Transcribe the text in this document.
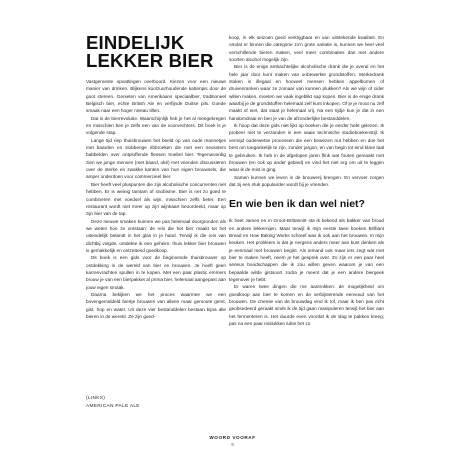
EINDELIJK
LEKKER BIER

Vastgeroeste opvattingen overboord. Kiezen voor een nieuwe manier van drinken. Blijkens koolzuurhoudende kattenpis door de goot stereen. Genieten van Amerikaans speciaalbier, traditioneel Belgisch bier, echte British Ale en verfijnde Duitse pils. Goede smaak naar een hoger niveau tillen.

Dat is de bierrevolutie. Waarschijnlijk heb je het al meegekregen en misschien ben je zelfs een van de voorvechters. Dit boek is je volgende stap.

Lange tijd riep thuisbrouwen het beeld op van oude mannetjes met baarden en slobberige ribbroeken die met een neusstem babbelden over ontploffende flessen troebel bier. Tegenwoordig zien we jonge mensen (met baard, oké) met vrienden discussiëren over de sterke en zwakke kanten van hun eigen brouwsels, die amper onderdoen voor commercieel bier.

Bier heeft veel pluspunten die zijn alcoholische concurrenten niet hebben. Er is weinig tamtam of snobisme. Bier is net zo goed te combineren met voedsel als wijn, misschien zelfs beter. Een restaurant wordt niet meer op zijn wijnkaart beoordeeld, maar op zijn bier van de tap.

Deze nieuwe smaken kunnen we pas helemaal doorgronden als we weten hoe ze ontstaan: de reis die het bier maakt tot het uiteindelijk belandt in het glas in je hand. Terwijl ik die reis van dichtbij volgde, ontdekte ik een geheim: thuis lekker bier brouwen is gemakkelijk en ontzettend goedkoop.

Dit boek is een gids voor de beginnende thuisbrouwer op ontdekking in de wereld van bier en brouwen. Je hoeft geen karrenvrachten spullen in te kopen. Met een paar plastic emmers brouw je van een bierpakket al prima bier, helemaal aangepast aan jouw eigen smaak.

Daarna bekijken we het proces waarmee we een bovengemiddeld biertje brouwen van alleen maar gemoute gerst, gist, hop en water. Uit deze vier bestanddelen bestaan bijna alle bieren in de wereld. Ze zijn goed-

koop, in elk seizoen goed verkrijgbaar en van uitstekende kwaliteit. En omdat er binnen die categorie zo'n grote variatie is, kunnen we heel veel verschillende bieren maken, veel meer combinaties dan met andere soorten alcohol mogelijk zijn.

Bier is de enige ambachtelijke alcoholische drank die je overal en het hele jaar door kunt maken van onbewerkte grondstoffen. Sterkedrank stoken is illegaal en hooveel mensen hebben appelbomen of druivenranken waar ze zomaar van kunnen plukken? Als we wijn of cider willen maken, moeten we vaak ingeblikt sap kopen. Bier is de enige drank waarbij je de grondstoffen helemaal zelf kunt inkopen. Of je je mout nu zelf maakt of niet, dat staat je helemaal vrij. Na een tijdje kun je dat in een handomdraai en ben je van de afzonderlijke bestanddelen.

Ik hoop dat deze gids niet lijkt op boeken die je eerder hebt gelezen. Ik probeer niet te verzanden in een saaie technische studieboekenstijl. Ik vermijd ouderwetse processen die een bewezen nut hebben en doe het best om toegankelijk te zijn, zonder jargon, en van begin tot eind klare taal te gebruiken. Ik heb in de afgelopen jaren flink wat fouten gemaakt met brouwen (en ook op ander gebied) en vind het niet erg om uit te leggen waar ik de mist in ging.

Samen kunnen we leven in de brouwerij brengen. En vervoer zorgen dat zij een stuk populairder wordt bij je vrienden.

En wie ben ik dan wel niet?

Ik heet James en in Groot-Brittannië sta ik bekend als bakker van brood en andere lekkernijen. Maar terwijl ik mijn eerste twee boeken Brilliant Bread en How Baking Works schreef was ik ook aan het brouwen. In mijn keuken. Het probleem is dat je nergens anders meer aan kunt denken als je eenmaal met brouwen begint. Als iemand ook maar iets zegt wat met bier te maken heeft, neem je het gesprek over. Zo zijn er een paar heel serieus boodschappen die ik zou willen geven waarom je van een bepaalde wilde gistsoort zodra je meent dat je een andere biergeek tegenover je hebt.

Er waren twee dingen die me aantrokken: de mogelijkheid om goedkoop aan bier te komen en de verbijsterende eenvoud van het brouwen. De chemie van de brouwdag vind ik tof, maar ik ben pas echt geobsedeerd geraakt sinds ik de tijd gaan manipuleren terwijl het bier aan het fermenteren is. Het duurde even voordat ik de slag te pakken kreeg; pas na een paar mislukken lukte het zo

(LINKS)
AMERICAN PALE ALE
WOORD VOORAF
9
